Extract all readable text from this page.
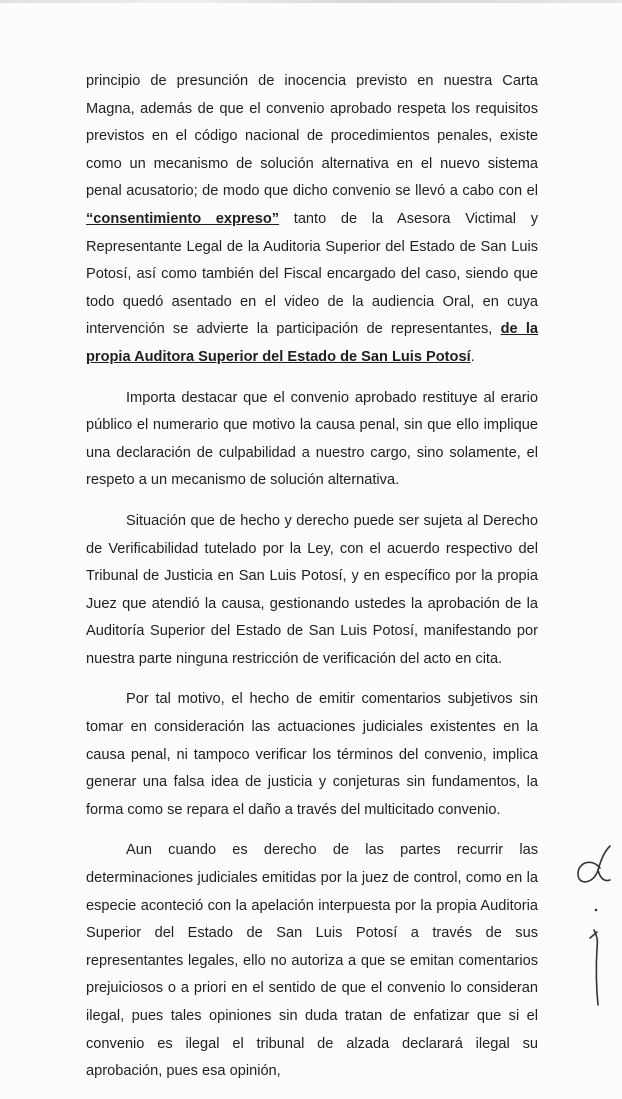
principio de presunción de inocencia previsto en nuestra Carta Magna, además de que el convenio aprobado respeta los requisitos previstos en el código nacional de procedimientos penales, existe como un mecanismo de solución alternativa en el nuevo sistema penal acusatorio; de modo que dicho convenio se llevó a cabo con el “consentimiento expreso” tanto de la Asesora Victimal y Representante Legal de la Auditoria Superior del Estado de San Luis Potosí, así como también del Fiscal encargado del caso, siendo que todo quedó asentado en el video de la audiencia Oral, en cuya intervención se advierte la participación de representantes, de la propia Auditora Superior del Estado de San Luis Potosí.

Importa destacar que el convenio aprobado restituye al erario público el numerario que motivo la causa penal, sin que ello implique una declaración de culpabilidad a nuestro cargo, sino solamente, el respeto a un mecanismo de solución alternativa.

Situación que de hecho y derecho puede ser sujeta al Derecho de Verificabilidad tutelado por la Ley, con el acuerdo respectivo del Tribunal de Justicia en San Luis Potosí, y en específico por la propia Juez que atendió la causa, gestionando ustedes la aprobación de la Auditoría Superior del Estado de San Luis Potosí, manifestando por nuestra parte ninguna restricción de verificación del acto en cita.

Por tal motivo, el hecho de emitir comentarios subjetivos sin tomar en consideración las actuaciones judiciales existentes en la causa penal, ni tampoco verificar los términos del convenio, implica generar una falsa idea de justicia y conjeturas sin fundamentos, la forma como se repara el daño a través del multicitado convenio.

Aun cuando es derecho de las partes recurrir las determinaciones judiciales emitidas por la juez de control, como en la especie aconteció con la apelación interpuesta por la propia Auditoria Superior del Estado de San Luis Potosí a través de sus representantes legales, ello no autoriza a que se emitan comentarios prejuiciosos o a priori en el sentido de que el convenio lo consideran ilegal, pues tales opiniones sin duda tratan de enfatizar que si el convenio es ilegal el tribunal de alzada declarará ilegal su aprobación, pues esa opinión,
